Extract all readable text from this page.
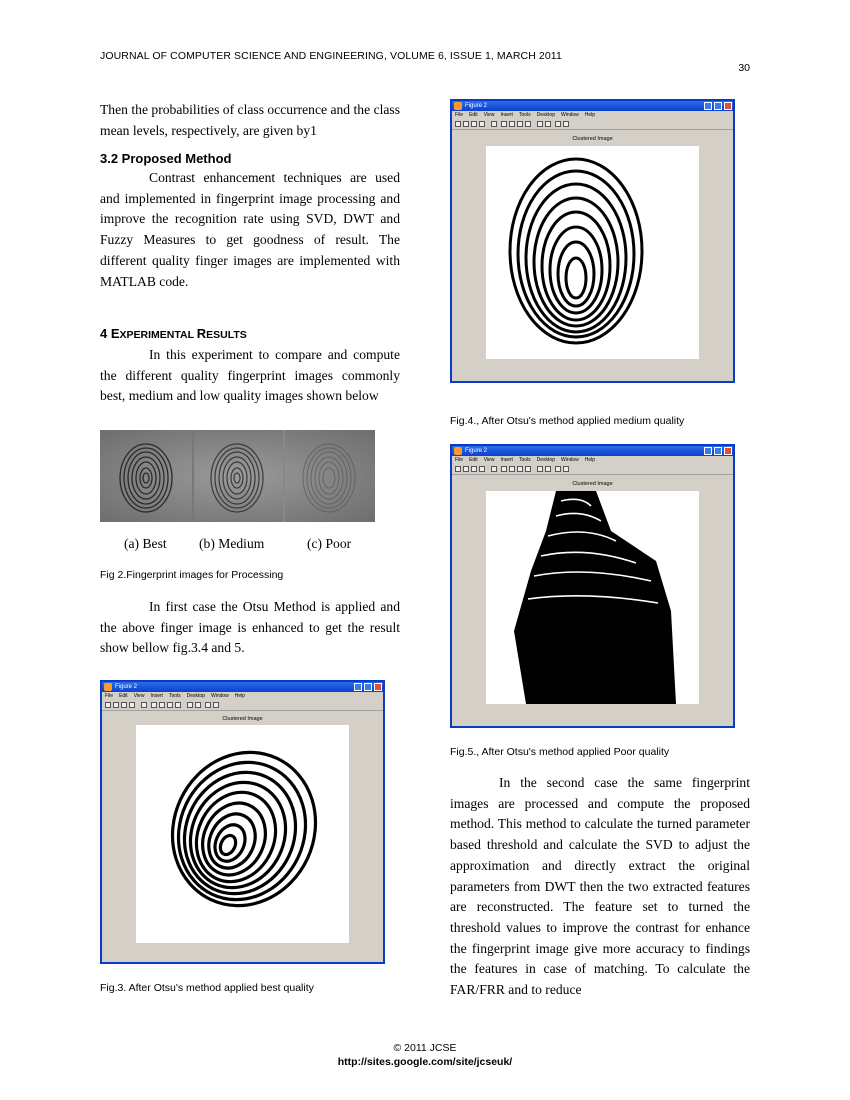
JOURNAL OF COMPUTER SCIENCE AND ENGINEERING, VOLUME 6, ISSUE 1, MARCH 2011
30
Then the probabilities of class occurrence and the class mean levels, respectively, are given by1
3.2 Proposed Method
Contrast enhancement techniques are used and implemented in fingerprint image processing and improve the recognition rate using SVD, DWT and Fuzzy Measures to get goodness of result. The different quality finger images are implemented with MATLAB code.
4 EXPERIMENTAL RESULTS
In this experiment to compare and compute the different quality fingerprint images commonly best, medium and low quality images shown below
(a) Best (b) Medium	(c) Poor
Fig 2.Fingerprint images for Processing
In first case the Otsu Method is applied and the above finger image is enhanced to get the result show bellow fig.3.4 and 5.
Figure 2
File Edit View Insert Tools Desktop Window Help
Clustered Image
Fig.3. After Otsu's method applied best quality
Figure 2
File Edit View Insert Tools Desktop Window Help
Clustered Image
Fig.4., After Otsu's method applied medium quality
Figure 2
File Edit View Insert Tools Desktop Window Help
Clustered Image
Fig.5., After Otsu's method applied Poor quality
In the second case the same fingerprint images are processed and compute the proposed method. This method to calculate the turned parameter based threshold and calculate the SVD to adjust the approximation and directly extract the original parameters from DWT then the two extracted features are reconstructed. The feature set to turned the threshold values to improve the contrast for enhance the fingerprint image give more accuracy to findings the features in case of matching. To calculate the FAR/FRR and to reduce
© 2011 JCSE
http://sites.google.com/site/jcseuk/
